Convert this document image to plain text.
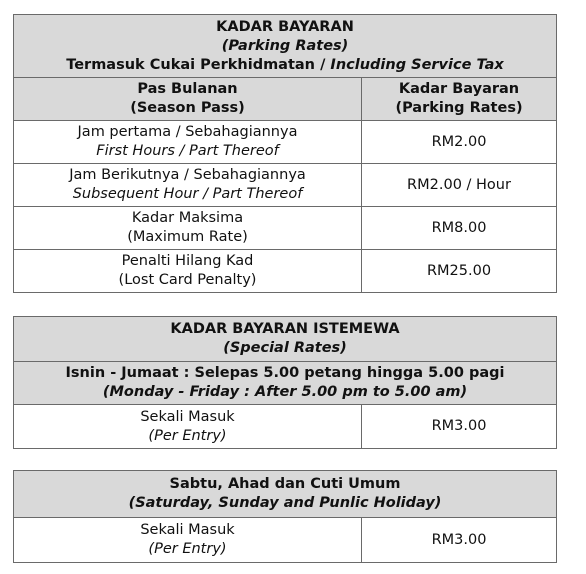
KADAR BAYARAN
(Parking Rates)
Termasuk Cukai Perkhidmatan / Including Service Tax	

Pas Bulanan
(Season Pass)	Kadar Bayaran
(Parking Rates)

Jam pertama / Sebahagiannya
First Hours / Part Thereof	RM2.00

Jam Berikutnya / Sebahagiannya
Subsequent Hour / Part Thereof	RM2.00 / Hour

Kadar Maksima
(Maximum Rate)	RM8.00

Penalti Hilang Kad
(Lost Card Penalty)	RM25.00
KADAR BAYARAN ISTEMEWA
(Special Rates)

Isnin - Jumaat : Selepas 5.00 petang hingga 5.00 pagi
(Monday - Friday : After 5.00 pm to 5.00 am)

Sekali Masuk
(Per Entry)
	RM3.00
Sabtu, Ahad dan Cuti Umum
(Saturday, Sunday and Punlic Holiday)

Sekali Masuk
(Per Entry)
	RM3.00
